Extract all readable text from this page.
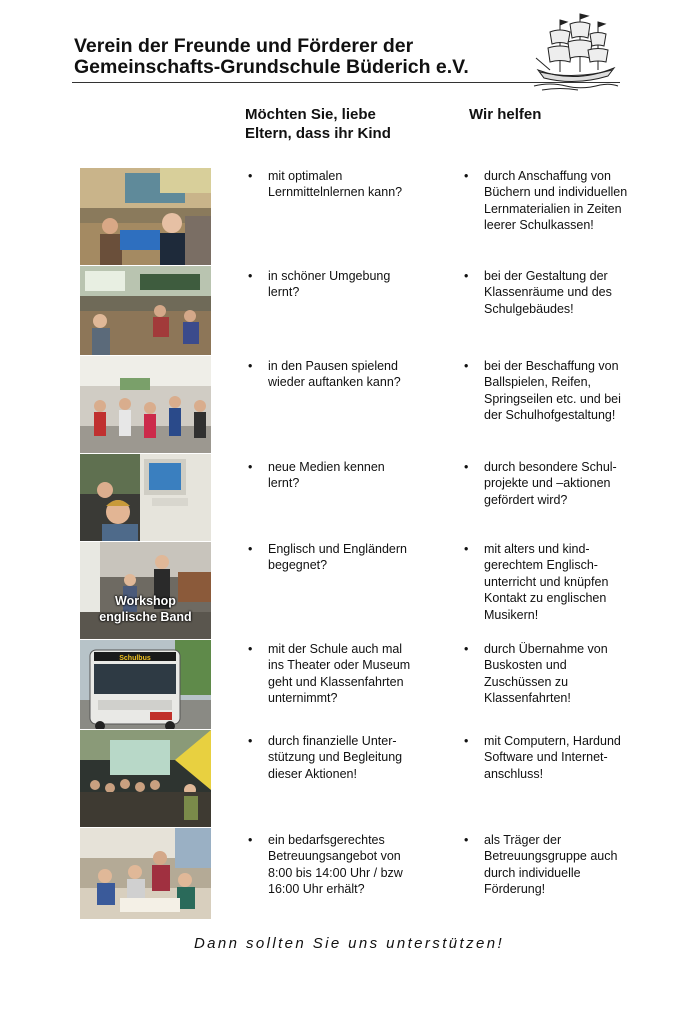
Verein der Freunde und Förderer der
Gemeinschafts-Grundschule Büderich e.V.
Möchten Sie, liebe
Eltern, dass ihr Kind
Wir helfen
Workshop
englische Band
Schulbus
• mit optimalen
Lernmittelnlernen kann?
• durch Anschaffung von
Büchern und individuellen
Lernmaterialien in Zeiten
leerer Schulkassen!
• in schöner Umgebung
lernt?
• bei der Gestaltung der
Klassenräume und des
Schulgebäudes!
• in den Pausen spielend
wieder auftanken kann?
• bei der Beschaffung von
Ballspielen, Reifen,
Springseilen etc. und bei
der Schulhofgestaltung!
• neue Medien kennen
lernt?
• durch besondere Schul-
projekte und –aktionen
gefördert wird?
• Englisch und Engländern
begegnet?
• mit alters und kind-
gerechtem Englisch-
unterricht und knüpfen
Kontakt zu englischen
Musikern!
• mit der Schule auch mal
ins Theater oder Museum
geht und Klassenfahrten
unternimmt?
• durch Übernahme von
Buskosten und
Zuschüssen zu
Klassenfahrten!
• durch finanzielle Unter-
stützung und Begleitung
dieser Aktionen!
• mit Computern, Hardund
Software und Internet-
anschluss!
• ein bedarfsgerechtes
Betreuungsangebot von
8:00 bis 14:00 Uhr / bzw
16:00 Uhr erhält?
• als Träger der
Betreuungsgruppe auch
durch individuelle
Förderung!
Dann sollten Sie uns unterstützen!
